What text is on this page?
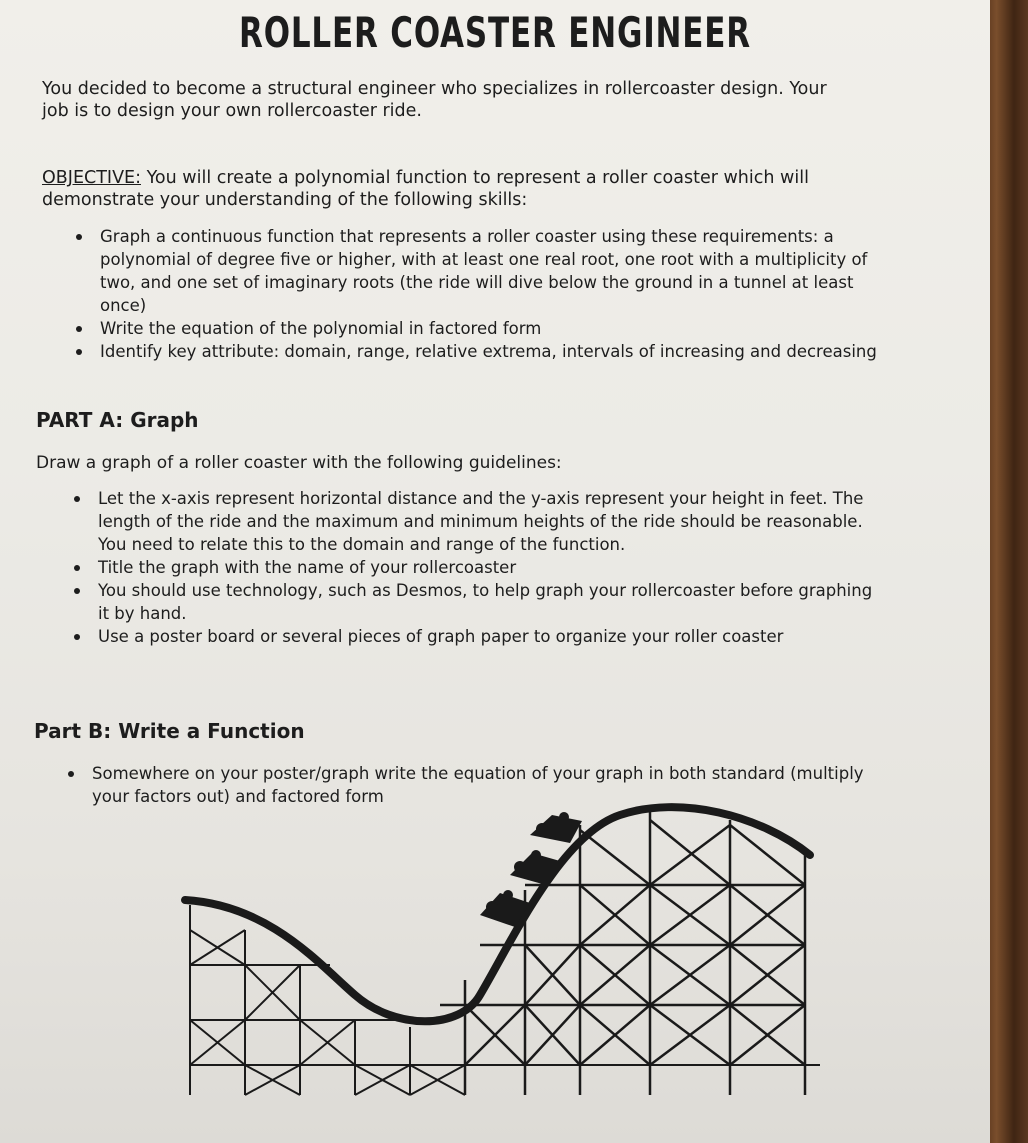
ROLLER COASTER ENGINEER

You decided to become a structural engineer who specializes in rollercoaster design. Your job is to design your own rollercoaster ride.

OBJECTIVE: You will create a polynomial function to represent a roller coaster which will demonstrate your understanding of the following skills:

Graph a continuous function that represents a roller coaster using these requirements: a polynomial of degree five or higher, with at least one real root, one root with a multiplicity of two, and one set of imaginary roots (the ride will dive below the ground in a tunnel at least once)
Write the equation of the polynomial in factored form
Identify key attribute: domain, range, relative extrema, intervals of increasing and decreasing
PART A: Graph

Draw a graph of a roller coaster with the following guidelines:

Let the x-axis represent horizontal distance and the y-axis represent your height in feet. The length of the ride and the maximum and minimum heights of the ride should be reasonable. You need to relate this to the domain and range of the function.
Title the graph with the name of your rollercoaster
You should use technology, such as Desmos, to help graph your rollercoaster before graphing it by hand.
Use a poster board or several pieces of graph paper to organize your roller coaster
Part B: Write a Function
Somewhere on your poster/graph write the equation of your graph in both standard (multiply your factors out) and factored form
